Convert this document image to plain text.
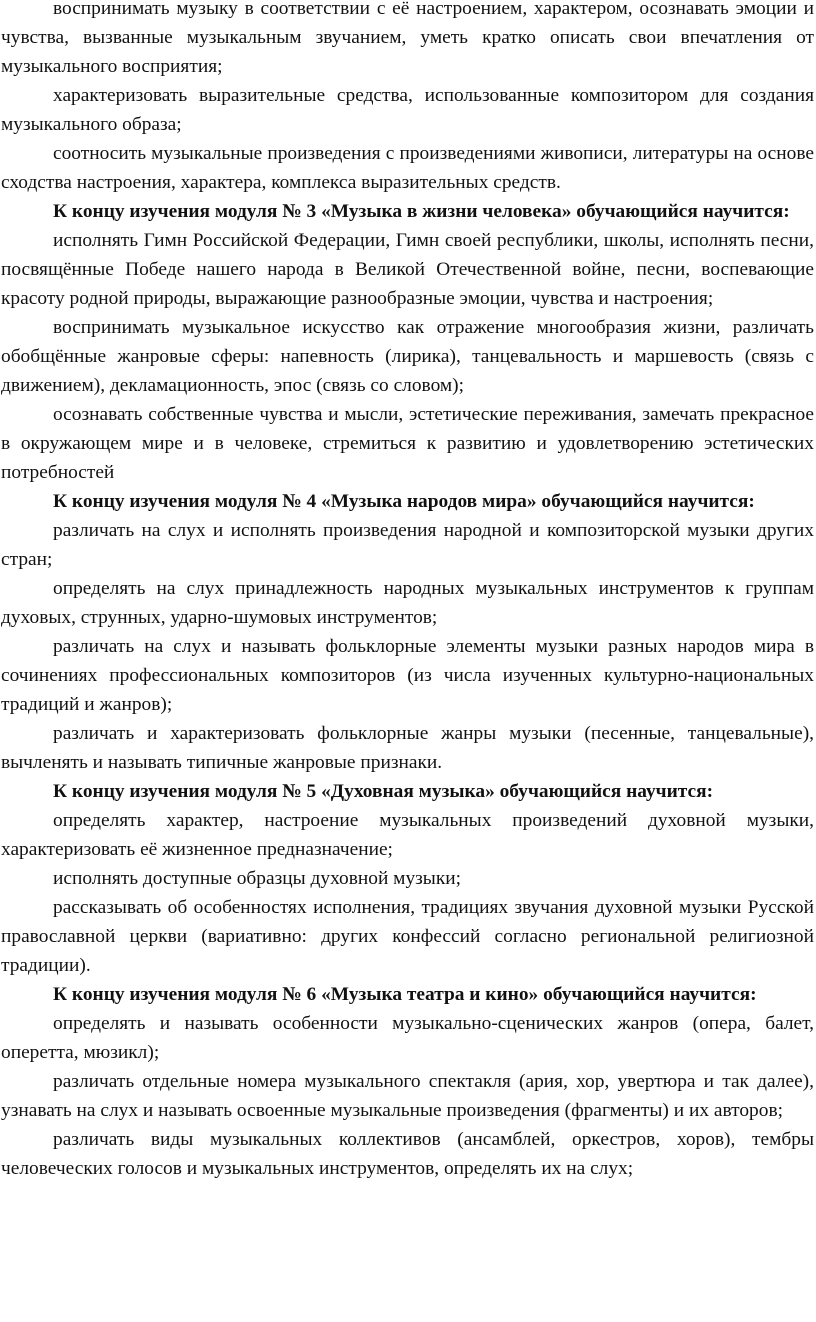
воспринимать музыку в соответствии с её настроением, характером, осознавать эмоции и чувства, вызванные музыкальным звучанием, уметь кратко описать свои впечатления от музыкального восприятия;

характеризовать выразительные средства, использованные композитором для создания музыкального образа;

соотносить музыкальные произведения с произведениями живописи, литературы на основе сходства настроения, характера, комплекса выразительных средств.

К концу изучения модуля № 3 «Музыка в жизни человека» обучающийся научится:

исполнять Гимн Российской Федерации, Гимн своей республики, школы, исполнять песни, посвящённые Победе нашего народа в Великой Отечественной войне, песни, воспевающие красоту родной природы, выражающие разнообразные эмоции, чувства и настроения;

воспринимать музыкальное искусство как отражение многообразия жизни, различать обобщённые жанровые сферы: напевность (лирика), танцевальность и маршевость (связь с движением), декламационность, эпос (связь со словом);

осознавать собственные чувства и мысли, эстетические переживания, замечать прекрасное в окружающем мире и в человеке, стремиться к развитию и удовлетворению эстетических потребностей

К концу изучения модуля № 4 «Музыка народов мира» обучающийся научится:

различать на слух и исполнять произведения народной и композиторской музыки других стран;

определять на слух принадлежность народных музыкальных инструментов к группам духовых, струнных, ударно-шумовых инструментов;

различать на слух и называть фольклорные элементы музыки разных народов мира в сочинениях профессиональных композиторов (из числа изученных культурно-национальных традиций и жанров);

различать и характеризовать фольклорные жанры музыки (песенные, танцевальные), вычленять и называть типичные жанровые признаки.

К концу изучения модуля № 5 «Духовная музыка» обучающийся научится:

определять характер, настроение музыкальных произведений духовной музыки, характеризовать её жизненное предназначение;

исполнять доступные образцы духовной музыки;

рассказывать об особенностях исполнения, традициях звучания духовной музыки Русской православной церкви (вариативно: других конфессий согласно региональной религиозной традиции).

К концу изучения модуля № 6 «Музыка театра и кино» обучающийся научится:

определять и называть особенности музыкально-сценических жанров (опера, балет, оперетта, мюзикл);

различать отдельные номера музыкального спектакля (ария, хор, увертюра и так далее), узнавать на слух и называть освоенные музыкальные произведения (фрагменты) и их авторов;

различать виды музыкальных коллективов (ансамблей, оркестров, хоров), тембры человеческих голосов и музыкальных инструментов, определять их на слух;
